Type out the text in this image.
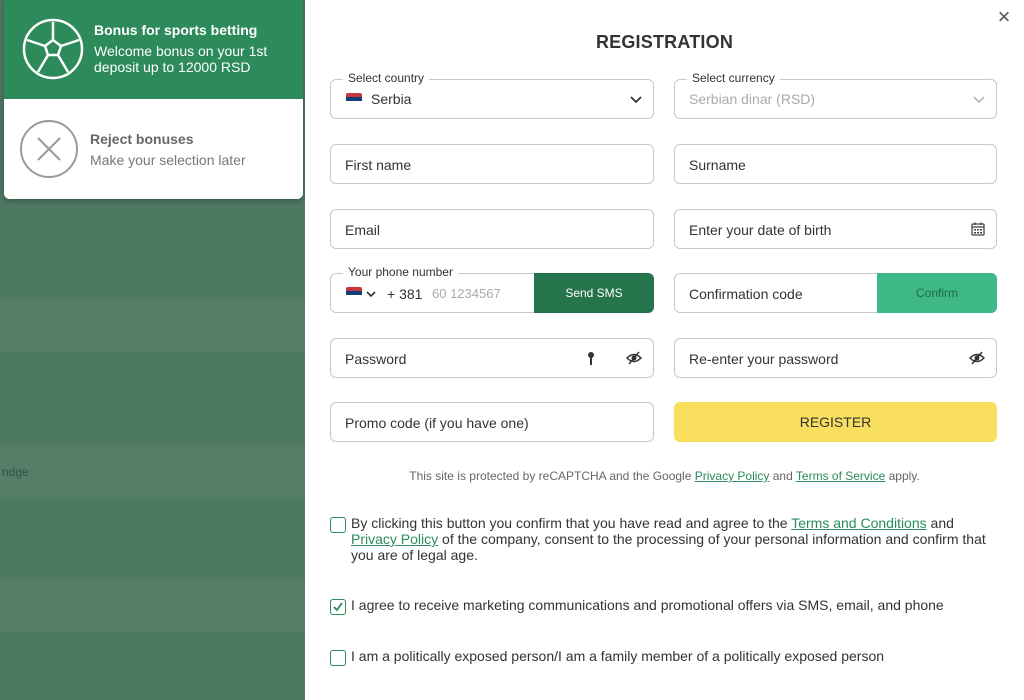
ndge
Bonus for sports betting
Welcome bonus on your 1st deposit up to 12000 RSD
Reject bonuses
Make your selection later
×
REGISTRATION
Select country
Serbia
Select currency
Serbian dinar (RSD)
First name	Surname
Email	Enter your date of birth
Your phone number
+ 381 60 1234567	Send SMS	Confirmation code	Confirm
Password	Re-enter your password
Promo code (if you have one)	REGISTER
This site is protected by reCAPTCHA and the Google Privacy Policy and Terms of Service apply.
By clicking this button you confirm that you have read and agree to the Terms and Conditions and Privacy Policy of the company, consent to the processing of your personal information and confirm that you are of legal age.
I agree to receive marketing communications and promotional offers via SMS, email, and phone
I am a politically exposed person/I am a family member of a politically exposed person
